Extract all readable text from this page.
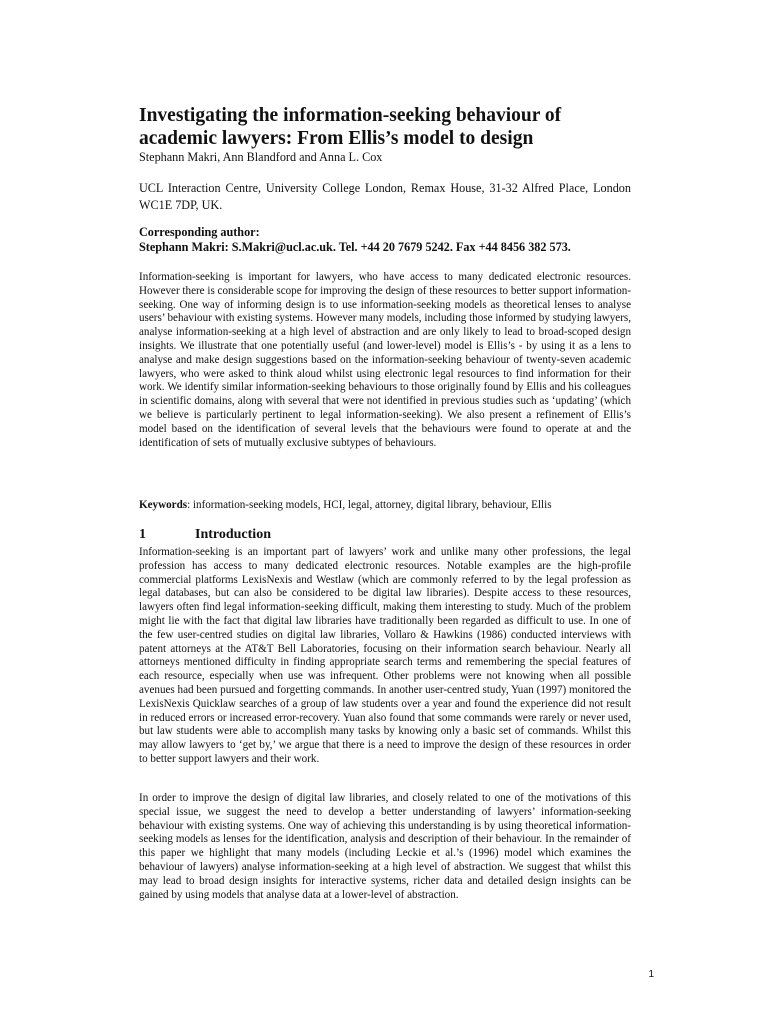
Investigating the information-seeking behaviour of academic lawyers: From Ellis’s model to design
Stephann Makri, Ann Blandford and Anna L. Cox
UCL Interaction Centre, University College London, Remax House, 31-32 Alfred Place, London WC1E 7DP, UK.
Corresponding author:
Stephann Makri: S.Makri@ucl.ac.uk. Tel. +44 20 7679 5242. Fax +44 8456 382 573.
Information-seeking is important for lawyers, who have access to many dedicated electronic resources. However there is considerable scope for improving the design of these resources to better support information-seeking. One way of informing design is to use information-seeking models as theoretical lenses to analyse users’ behaviour with existing systems. However many models, including those informed by studying lawyers, analyse information-seeking at a high level of abstraction and are only likely to lead to broad-scoped design insights. We illustrate that one potentially useful (and lower-level) model is Ellis’s - by using it as a lens to analyse and make design suggestions based on the information-seeking behaviour of twenty-seven academic lawyers, who were asked to think aloud whilst using electronic legal resources to find information for their work. We identify similar information-seeking behaviours to those originally found by Ellis and his colleagues in scientific domains, along with several that were not identified in previous studies such as ‘updating’ (which we believe is particularly pertinent to legal information-seeking). We also present a refinement of Ellis’s model based on the identification of several levels that the behaviours were found to operate at and the identification of sets of mutually exclusive subtypes of behaviours.
Keywords: information-seeking models, HCI, legal, attorney, digital library, behaviour, Ellis
1	Introduction

Information-seeking is an important part of lawyers’ work and unlike many other professions, the legal profession has access to many dedicated electronic resources. Notable examples are the high-profile commercial platforms LexisNexis and Westlaw (which are commonly referred to by the legal profession as legal databases, but can also be considered to be digital law libraries). Despite access to these resources, lawyers often find legal information-seeking difficult, making them interesting to study. Much of the problem might lie with the fact that digital law libraries have traditionally been regarded as difficult to use. In one of the few user-centred studies on digital law libraries, Vollaro & Hawkins (1986) conducted interviews with patent attorneys at the AT&T Bell Laboratories, focusing on their information search behaviour. Nearly all attorneys mentioned difficulty in finding appropriate search terms and remembering the special features of each resource, especially when use was infrequent. Other problems were not knowing when all possible avenues had been pursued and forgetting commands. In another user-centred study, Yuan (1997) monitored the LexisNexis Quicklaw searches of a group of law students over a year and found the experience did not result in reduced errors or increased error-recovery. Yuan also found that some commands were rarely or never used, but law students were able to accomplish many tasks by knowing only a basic set of commands. Whilst this may allow lawyers to ‘get by,’ we argue that there is a need to improve the design of these resources in order to better support lawyers and their work.

In order to improve the design of digital law libraries, and closely related to one of the motivations of this special issue, we suggest the need to develop a better understanding of lawyers’ information-seeking behaviour with existing systems. One way of achieving this understanding is by using theoretical information-seeking models as lenses for the identification, analysis and description of their behaviour. In the remainder of this paper we highlight that many models (including Leckie et al.’s (1996) model which examines the behaviour of lawyers) analyse information-seeking at a high level of abstraction. We suggest that whilst this may lead to broad design insights for interactive systems, richer data and detailed design insights can be gained by using models that analyse data at a lower-level of abstraction.

1
